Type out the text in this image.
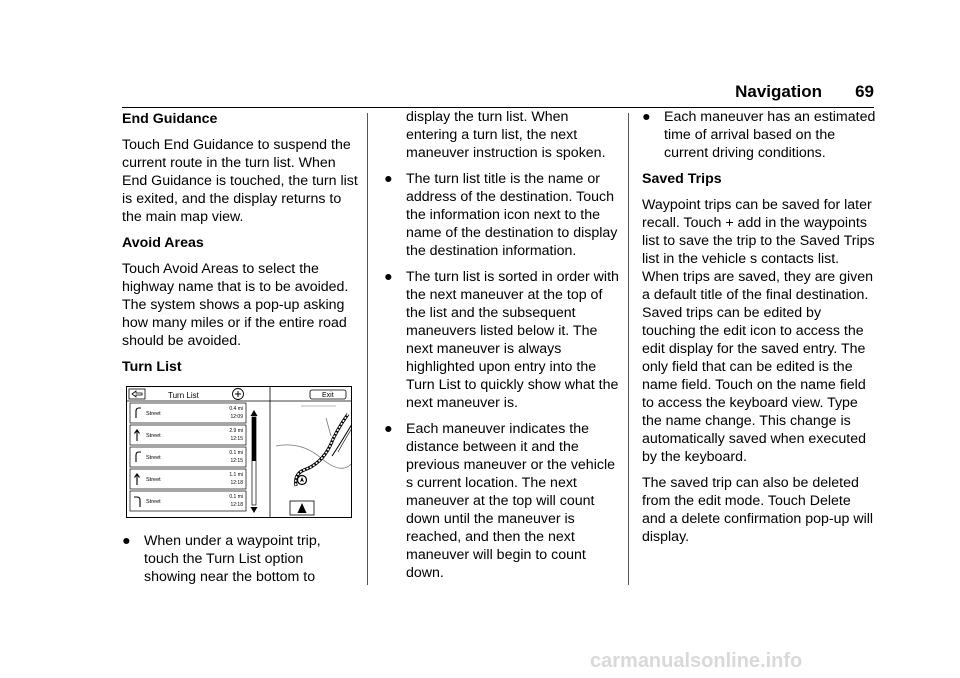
Navigation 69
End Guidance

Touch End Guidance to suspend the current route in the turn list. When End Guidance is touched, the turn list is exited, and the display returns to the main map view.

Avoid Areas

Touch Avoid Areas to select the highway name that is to be avoided. The system shows a pop-up asking how many miles or if the entire road should be avoided.

Turn List
Turn List	Exit
Street
0.4 mi
12:09
Street
2.9 mi
12:15
Street
0.1 mi
12:15
Street
1.1 mi
12:18
Street
0.1 mi
12:18
● When under a waypoint trip, touch the Turn List option showing near the bottom to

display the turn list. When entering a turn list, the next maneuver instruction is spoken.

● The turn list title is the name or address of the destination. Touch the information icon next to the name of the destination to display the destination information.
● The turn list is sorted in order with the next maneuver at the top of the list and the subsequent maneuvers listed below it. The next maneuver is always highlighted upon entry into the Turn List to quickly show what the next maneuver is.
● Each maneuver indicates the distance between it and the previous maneuver or the vehicle s current location. The next maneuver at the top will count down until the maneuver is reached, and then the next maneuver will begin to count down.
● Each maneuver has an estimated time of arrival based on the current driving conditions.
Saved Trips

Waypoint trips can be saved for later recall. Touch + add in the waypoints list to save the trip to the Saved Trips list in the vehicle s contacts list. When trips are saved, they are given a default title of the final destination. Saved trips can be edited by touching the edit icon to access the edit display for the saved entry. The only field that can be edited is the name field. Touch on the name field to access the keyboard view. Type the name change. This change is automatically saved when executed by the keyboard.

The saved trip can also be deleted from the edit mode. Touch Delete and a delete confirmation pop-up will display.

carmanualsonline.info
